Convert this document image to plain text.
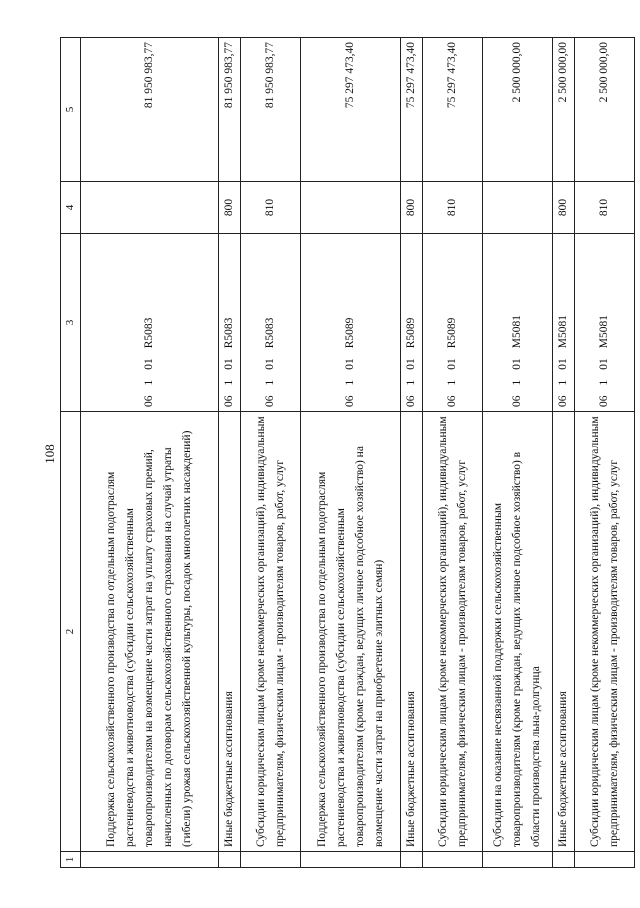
108
1	2	3	4	5
	Поддержка сельскохозяйственного производства по отдельным подотраслям растениеводства и животноводства (субсидии сельскохозяйственным товаропроизводителям на возмещение части затрат на уплату страховых премий, начисленных по договорам сельскохозяйственного страхования на случай утраты (гибели) урожая сельскохозяйственной культуры, посадок многолетних насаждений)	06101R5083		81 950 983,77
	Иные бюджетные ассигнования	06101R5083	800	81 950 983,77
	Субсидии юридическим лицам (кроме некоммерческих организаций), индивидуальным предпринимателям, физическим лицам - производителям товаров, работ, услуг	06101R5083	810	81 950 983,77
	Поддержка сельскохозяйственного производства по отдельным подотраслям растениеводства и животноводства (субсидии сельскохозяйственным товаропроизводителям (кроме граждан, ведущих личное подсобное хозяйство) на возмещение части затрат на приобретение элитных семян)	06101R5089		75 297 473,40
	Иные бюджетные ассигнования	06101R5089	800	75 297 473,40
	Субсидии юридическим лицам (кроме некоммерческих организаций), индивидуальным предпринимателям, физическим лицам - производителям товаров, работ, услуг	06101R5089	810	75 297 473,40
	Субсидии на оказание несвязанной поддержки сельскохозяйственным товаропроизводителям (кроме граждан, ведущих личное подсобное хозяйство) в области производства льна-долгунца	06101M5081		2 500 000,00
	Иные бюджетные ассигнования	06101M5081	800	2 500 000,00
	Субсидии юридическим лицам (кроме некоммерческих организаций), индивидуальным предпринимателям, физическим лицам - производителям товаров, работ, услуг	06101M5081	810	2 500 000,00
